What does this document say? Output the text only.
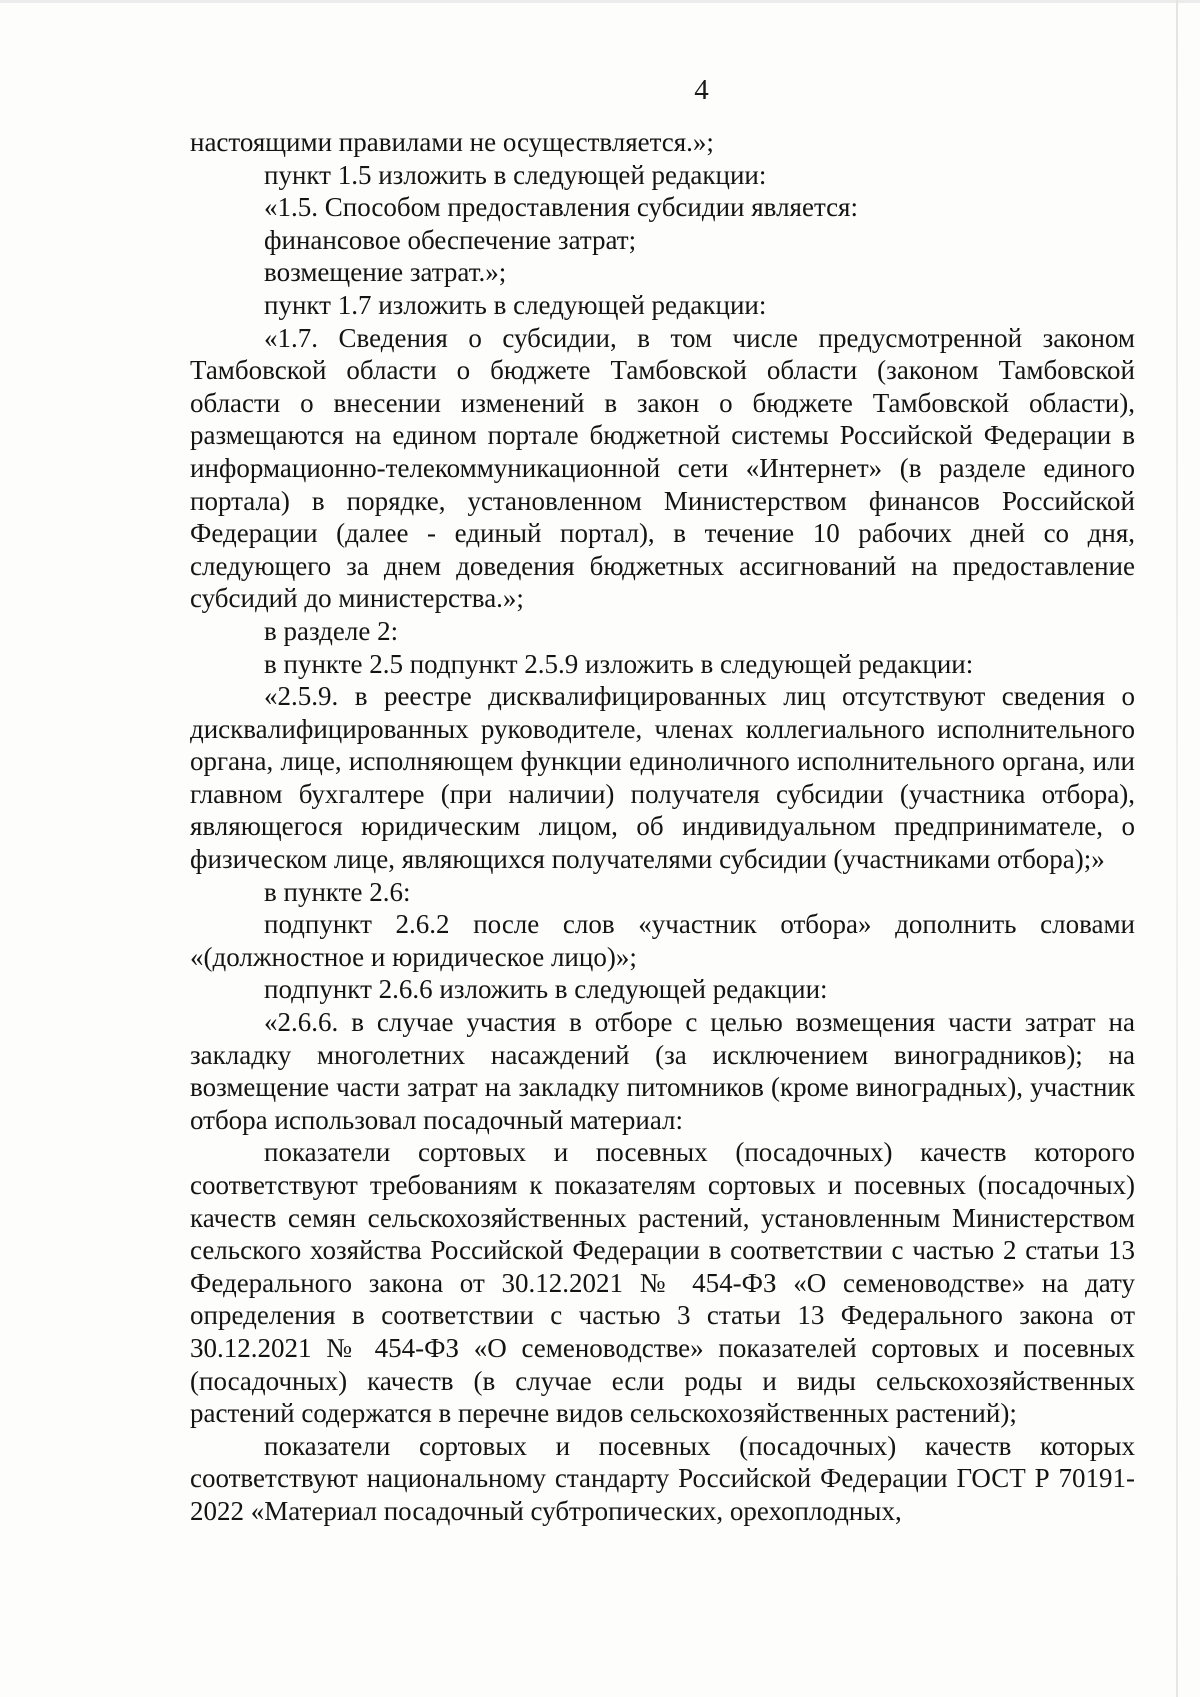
4

настоящими правилами не осуществляется.»;

пункт 1.5 изложить в следующей редакции:

«1.5. Способом предоставления субсидии является:

финансовое обеспечение затрат;

возмещение затрат.»;

пункт 1.7 изложить в следующей редакции:

«1.7. Сведения о субсидии, в том числе предусмотренной законом Тамбовской области о бюджете Тамбовской области (законом Тамбовской области о внесении изменений в закон о бюджете Тамбовской области), размещаются на едином портале бюджетной системы Российской Федерации в информационно-телекоммуникационной сети «Интернет» (в разделе единого портала) в порядке, установленном Министерством финансов Российской Федерации (далее - единый портал), в течение 10 рабочих дней со дня, следующего за днем доведения бюджетных ассигнований на предоставление субсидий до министерства.»;

в разделе 2:

в пункте 2.5 подпункт 2.5.9 изложить в следующей редакции:

«2.5.9. в реестре дисквалифицированных лиц отсутствуют сведения о дисквалифицированных руководителе, членах коллегиального исполнительного органа, лице, исполняющем функции единоличного исполнительного органа, или главном бухгалтере (при наличии) получателя субсидии (участника отбора), являющегося юридическим лицом, об индивидуальном предпринимателе, о физическом лице, являющихся получателями субсидии (участниками отбора);»

в пункте 2.6:

подпункт 2.6.2 после слов «участник отбора» дополнить словами «(должностное и юридическое лицо)»;

подпункт 2.6.6 изложить в следующей редакции:

«2.6.6. в случае участия в отборе с целью возмещения части затрат на закладку многолетних насаждений (за исключением виноградников); на возмещение части затрат на закладку питомников (кроме виноградных), участник отбора использовал посадочный материал:

показатели сортовых и посевных (посадочных) качеств которого соответствуют требованиям к показателям сортовых и посевных (посадочных) качеств семян сельскохозяйственных растений, установленным Министерством сельского хозяйства Российской Федерации в соответствии с частью 2 статьи 13 Федерального закона от 30.12.2021 № 454-ФЗ «О семеноводстве» на дату определения в соответствии с частью 3 статьи 13 Федерального закона от 30.12.2021 № 454-ФЗ «О семеноводстве» показателей сортовых и посевных (посадочных) качеств (в случае если роды и виды сельскохозяйственных растений содержатся в перечне видов сельскохозяйственных растений);

показатели сортовых и посевных (посадочных) качеств которых соответствуют национальному стандарту Российской Федерации ГОСТ Р 70191-2022 «Материал посадочный субтропических, орехоплодных,
